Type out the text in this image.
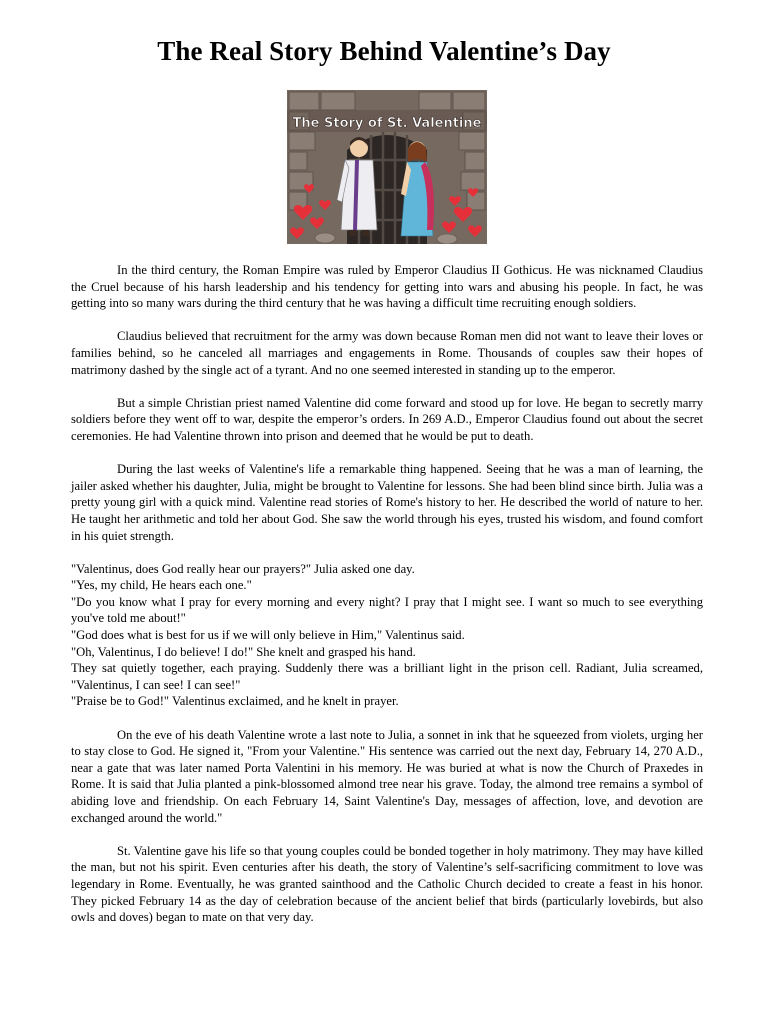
The Real Story Behind Valentine’s Day
The Story of St. Valentine

In the third century, the Roman Empire was ruled by Emperor Claudius II Gothicus. He was nicknamed Claudius the Cruel because of his harsh leadership and his tendency for getting into wars and abusing his people. In fact, he was getting into so many wars during the third century that he was having a difficult time recruiting enough soldiers.

Claudius believed that recruitment for the army was down because Roman men did not want to leave their loves or families behind, so he canceled all marriages and engagements in Rome. Thousands of couples saw their hopes of matrimony dashed by the single act of a tyrant. And no one seemed interested in standing up to the emperor.

But a simple Christian priest named Valentine did come forward and stood up for love. He began to secretly marry soldiers before they went off to war, despite the emperor’s orders. In 269 A.D., Emperor Claudius found out about the secret ceremonies. He had Valentine thrown into prison and deemed that he would be put to death.

During the last weeks of Valentine's life a remarkable thing happened. Seeing that he was a man of learning, the jailer asked whether his daughter, Julia, might be brought to Valentine for lessons. She had been blind since birth. Julia was a pretty young girl with a quick mind. Valentine read stories of Rome's history to her. He described the world of nature to her. He taught her arithmetic and told her about God. She saw the world through his eyes, trusted his wisdom, and found comfort in his quiet strength.

"Valentinus, does God really hear our prayers?" Julia asked one day.

"Yes, my child, He hears each one."

"Do you know what I pray for every morning and every night? I pray that I might see. I want so much to see everything you've told me about!"

"God does what is best for us if we will only believe in Him," Valentinus said.

"Oh, Valentinus, I do believe! I do!" She knelt and grasped his hand.

They sat quietly together, each praying. Suddenly there was a brilliant light in the prison cell. Radiant, Julia screamed, "Valentinus, I can see! I can see!"

"Praise be to God!" Valentinus exclaimed, and he knelt in prayer.

On the eve of his death Valentine wrote a last note to Julia, a sonnet in ink that he squeezed from violets, urging her to stay close to God. He signed it, "From your Valentine." His sentence was carried out the next day, February 14, 270 A.D., near a gate that was later named Porta Valentini in his memory. He was buried at what is now the Church of Praxedes in Rome. It is said that Julia planted a pink-blossomed almond tree near his grave. Today, the almond tree remains a symbol of abiding love and friendship. On each February 14, Saint Valentine's Day, messages of affection, love, and devotion are exchanged around the world."

St. Valentine gave his life so that young couples could be bonded together in holy matrimony. They may have killed the man, but not his spirit. Even centuries after his death, the story of Valentine’s self-sacrificing commitment to love was legendary in Rome. Eventually, he was granted sainthood and the Catholic Church decided to create a feast in his honor. They picked February 14 as the day of celebration because of the ancient belief that birds (particularly lovebirds, but also owls and doves) began to mate on that very day.
